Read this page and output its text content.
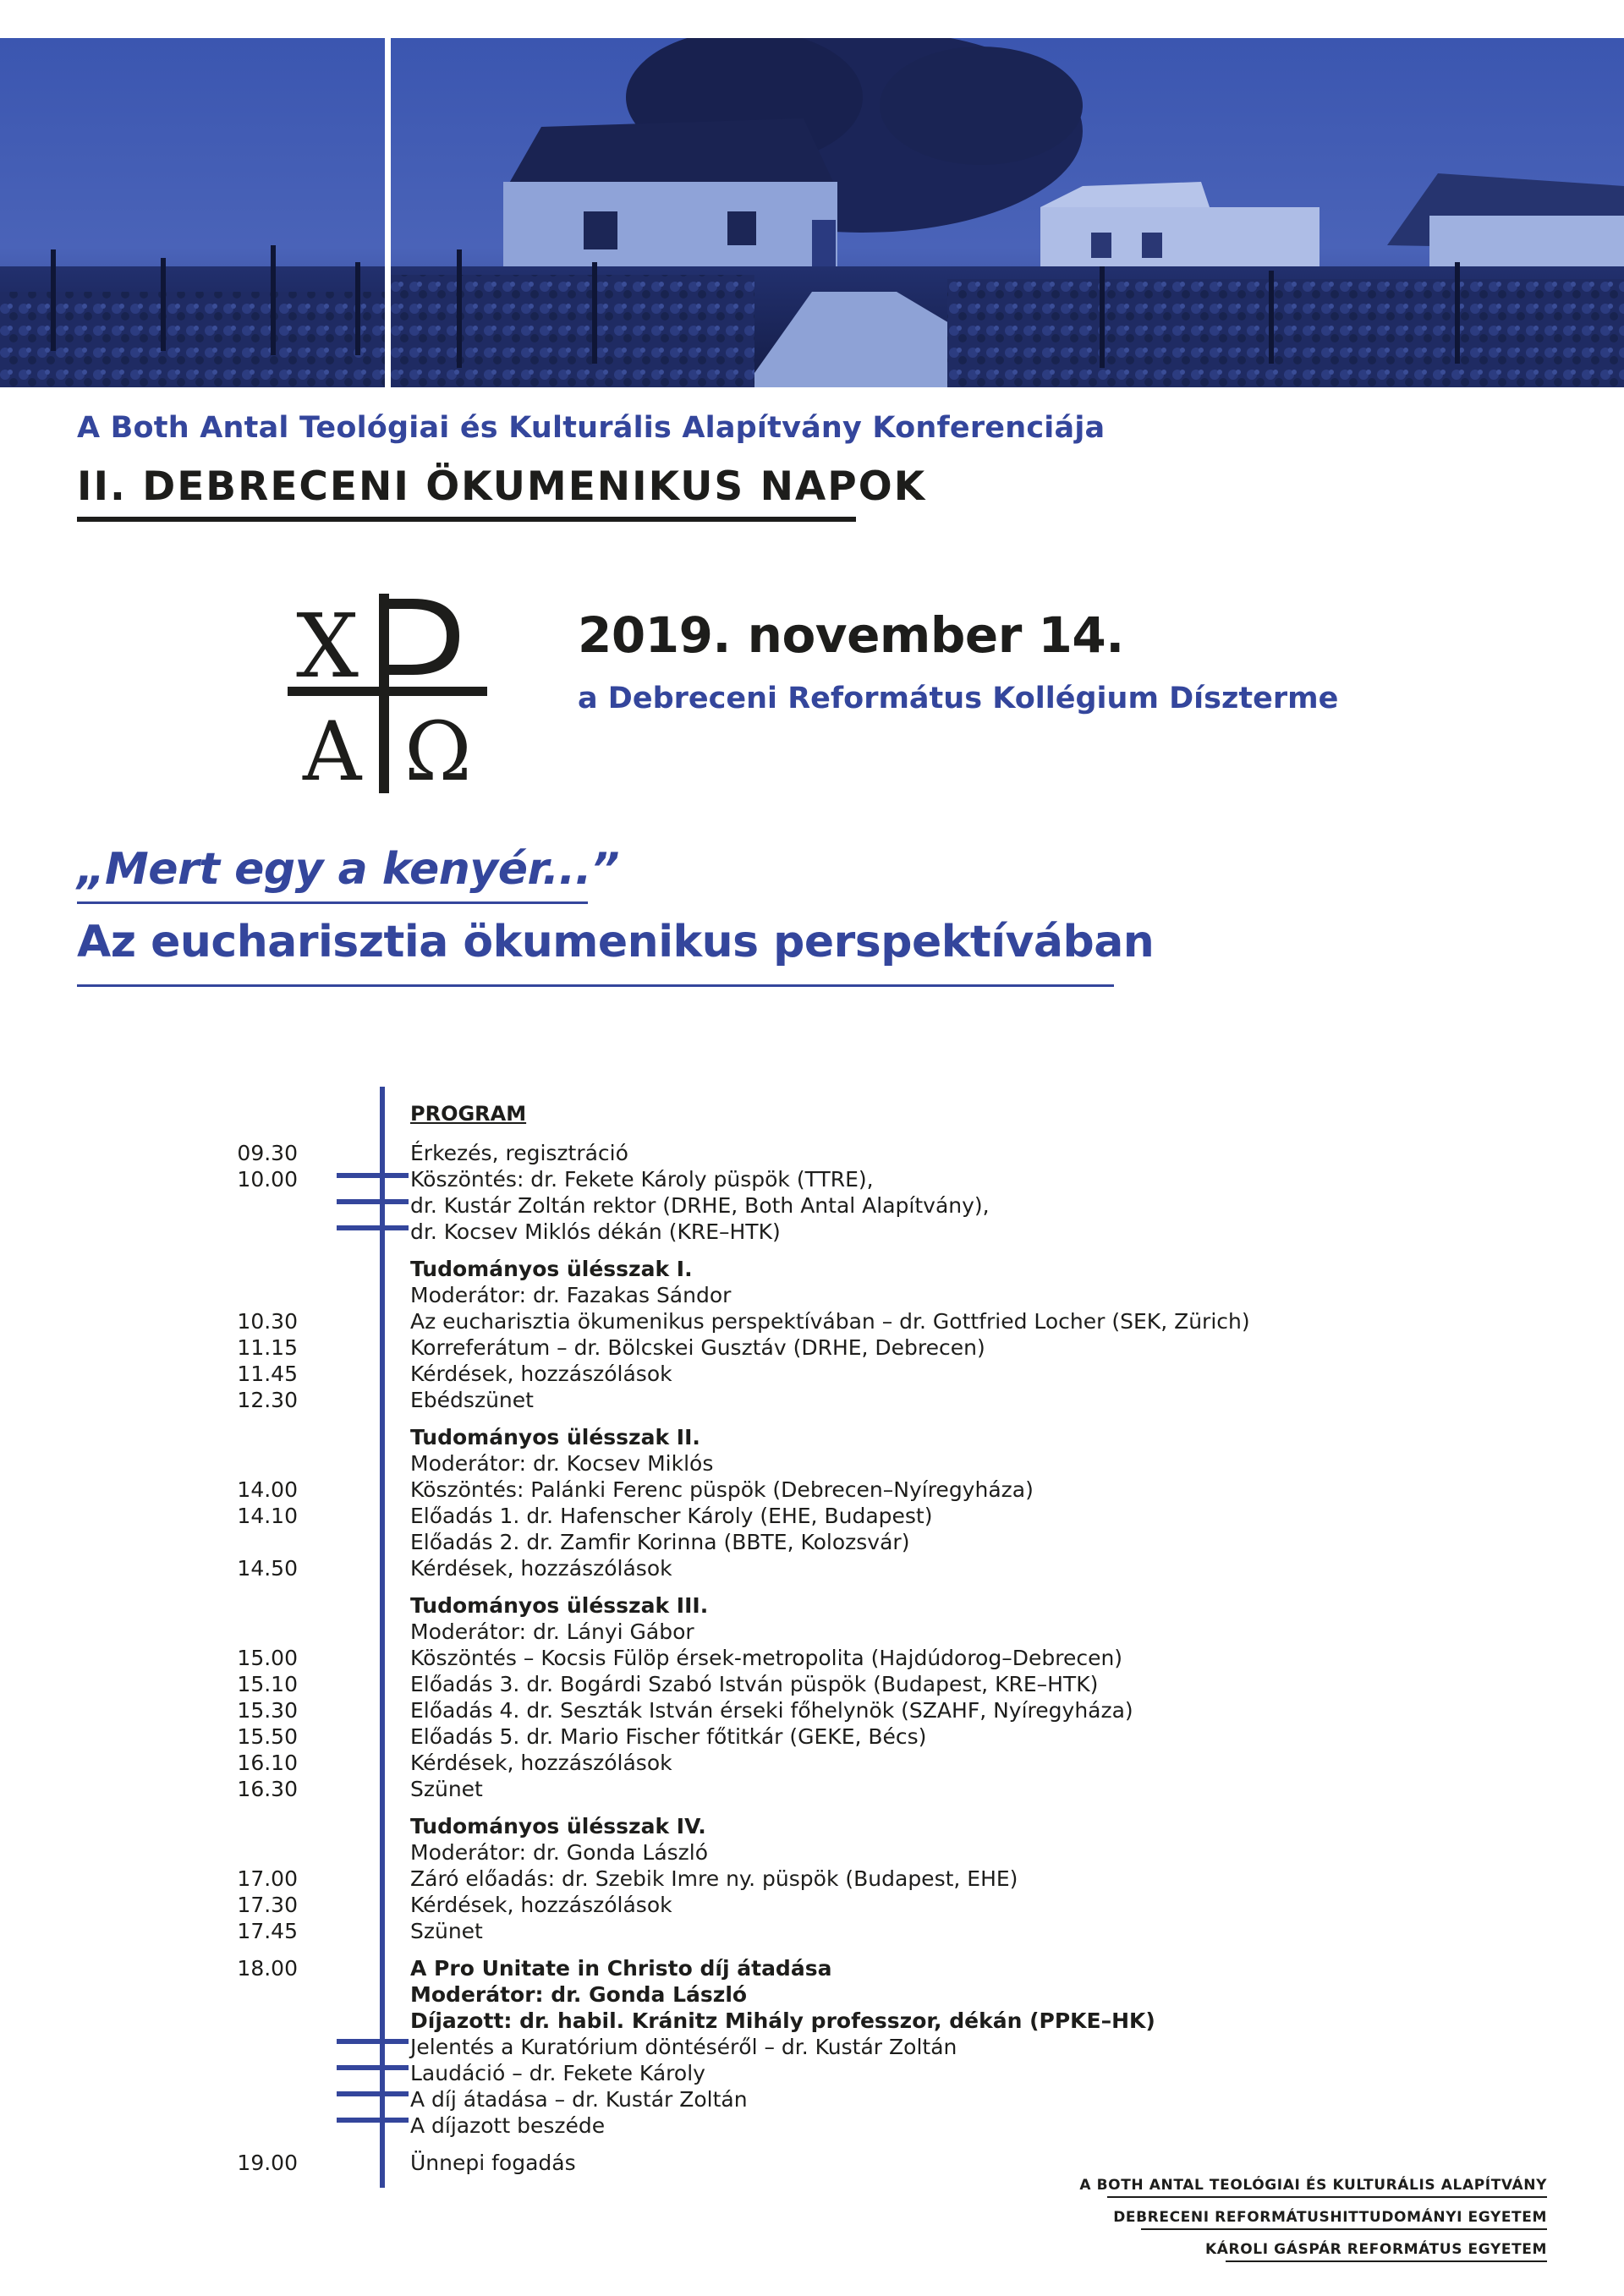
A Both Antal Teológiai és Kulturális Alapítvány Konferenciája
II. DEBRECENI ÖKUMENIKUS NAPOK
Χ
Α Ω
2019. november 14.
a Debreceni Református Kollégium Díszterme
„Mert egy a kenyér...”
Az eucharisztia ökumenikus perspektívában
PROGRAM
09.30	Érkezés, regisztráció
10.00	Köszöntés: dr. Fekete Károly püspök (TTRE),
dr. Kustár Zoltán rektor (DRHE, Both Antal Alapítvány),
dr. Kocsev Miklós dékán (KRE–HTK)
Tudományos ülésszak I.
Moderátor: dr. Fazakas Sándor
10.30	Az eucharisztia ökumenikus perspektívában – dr. Gottfried Locher (SEK, Zürich)
11.15	Korreferátum – dr. Bölcskei Gusztáv (DRHE, Debrecen)
11.45	Kérdések, hozzászólások
12.30	Ebédszünet
Tudományos ülésszak II.
Moderátor: dr. Kocsev Miklós
14.00	Köszöntés: Palánki Ferenc püspök (Debrecen–Nyíregyháza)
14.10	Előadás 1. dr. Hafenscher Károly (EHE, Budapest)
Előadás 2. dr. Zamfir Korinna (BBTE, Kolozsvár)
14.50	Kérdések, hozzászólások
Tudományos ülésszak III.
Moderátor: dr. Lányi Gábor
15.00	Köszöntés – Kocsis Fülöp érsek-metropolita (Hajdúdorog–Debrecen)
15.10	Előadás 3. dr. Bogárdi Szabó István püspök (Budapest, KRE–HTK)
15.30	Előadás 4. dr. Seszták István érseki főhelynök (SZAHF, Nyíregyháza)
15.50	Előadás 5. dr. Mario Fischer főtitkár (GEKE, Bécs)
16.10	Kérdések, hozzászólások
16.30	Szünet
Tudományos ülésszak IV.
Moderátor: dr. Gonda László
17.00	Záró előadás: dr. Szebik Imre ny. püspök (Budapest, EHE)
17.30	Kérdések, hozzászólások
17.45	Szünet
18.00	A Pro Unitate in Christo díj átadása
Moderátor: dr. Gonda László
Díjazott: dr. habil. Kránitz Mihály professzor, dékán (PPKE–HK)
Jelentés a Kuratórium döntéséről – dr. Kustár Zoltán
Laudáció – dr. Fekete Károly
A díj átadása – dr. Kustár Zoltán
A díjazott beszéde
19.00	Ünnepi fogadás
A BOTH ANTAL TEOLÓGIAI ÉS KULTURÁLIS ALAPÍTVÁNY
DEBRECENI REFORMÁTUSHITTUDOMÁNYI EGYETEM
KÁROLI GÁSPÁR REFORMÁTUS EGYETEM
